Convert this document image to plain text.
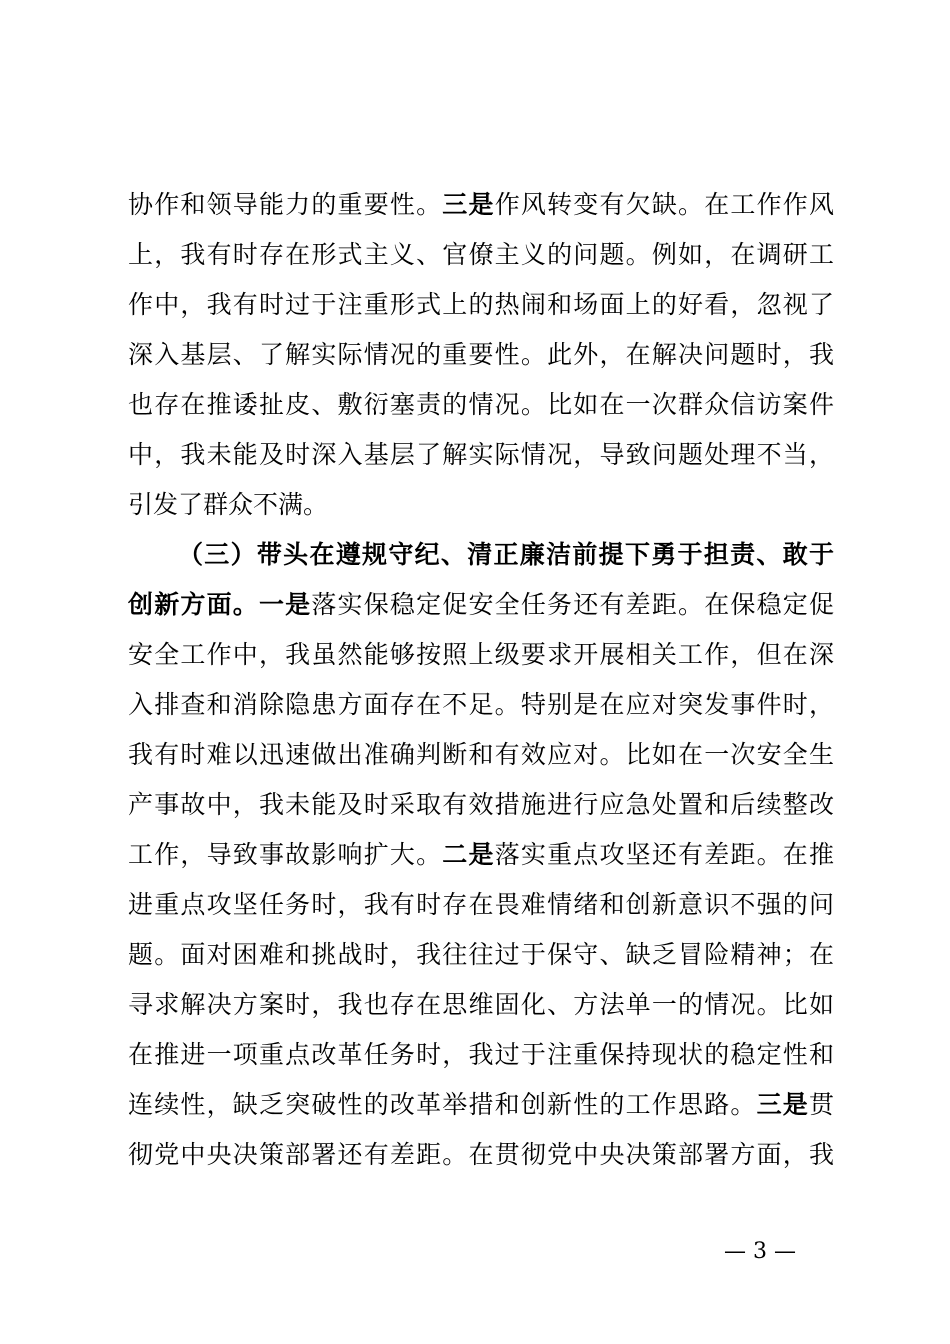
协作和领导能力的重要性。三是作风转变有欠缺。在工作作风
上，我有时存在形式主义、官僚主义的问题。例如，在调研工
作中，我有时过于注重形式上的热闹和场面上的好看，忽视了
深入基层、了解实际情况的重要性。此外，在解决问题时，我
也存在推诿扯皮、敷衍塞责的情况。比如在一次群众信访案件
中，我未能及时深入基层了解实际情况，导致问题处理不当，
引发了群众不满。
（三）带头在遵规守纪、清正廉洁前提下勇于担责、敢于
创新方面。一是落实保稳定促安全任务还有差距。在保稳定促
安全工作中，我虽然能够按照上级要求开展相关工作，但在深
入排查和消除隐患方面存在不足。特别是在应对突发事件时，
我有时难以迅速做出准确判断和有效应对。比如在一次安全生
产事故中，我未能及时采取有效措施进行应急处置和后续整改
工作，导致事故影响扩大。二是落实重点攻坚还有差距。在推
进重点攻坚任务时，我有时存在畏难情绪和创新意识不强的问
题。面对困难和挑战时，我往往过于保守、缺乏冒险精神；在
寻求解决方案时，我也存在思维固化、方法单一的情况。比如
在推进一项重点改革任务时，我过于注重保持现状的稳定性和
连续性，缺乏突破性的改革举措和创新性的工作思路。三是贯
彻党中央决策部署还有差距。在贯彻党中央决策部署方面，我
— 3 —
